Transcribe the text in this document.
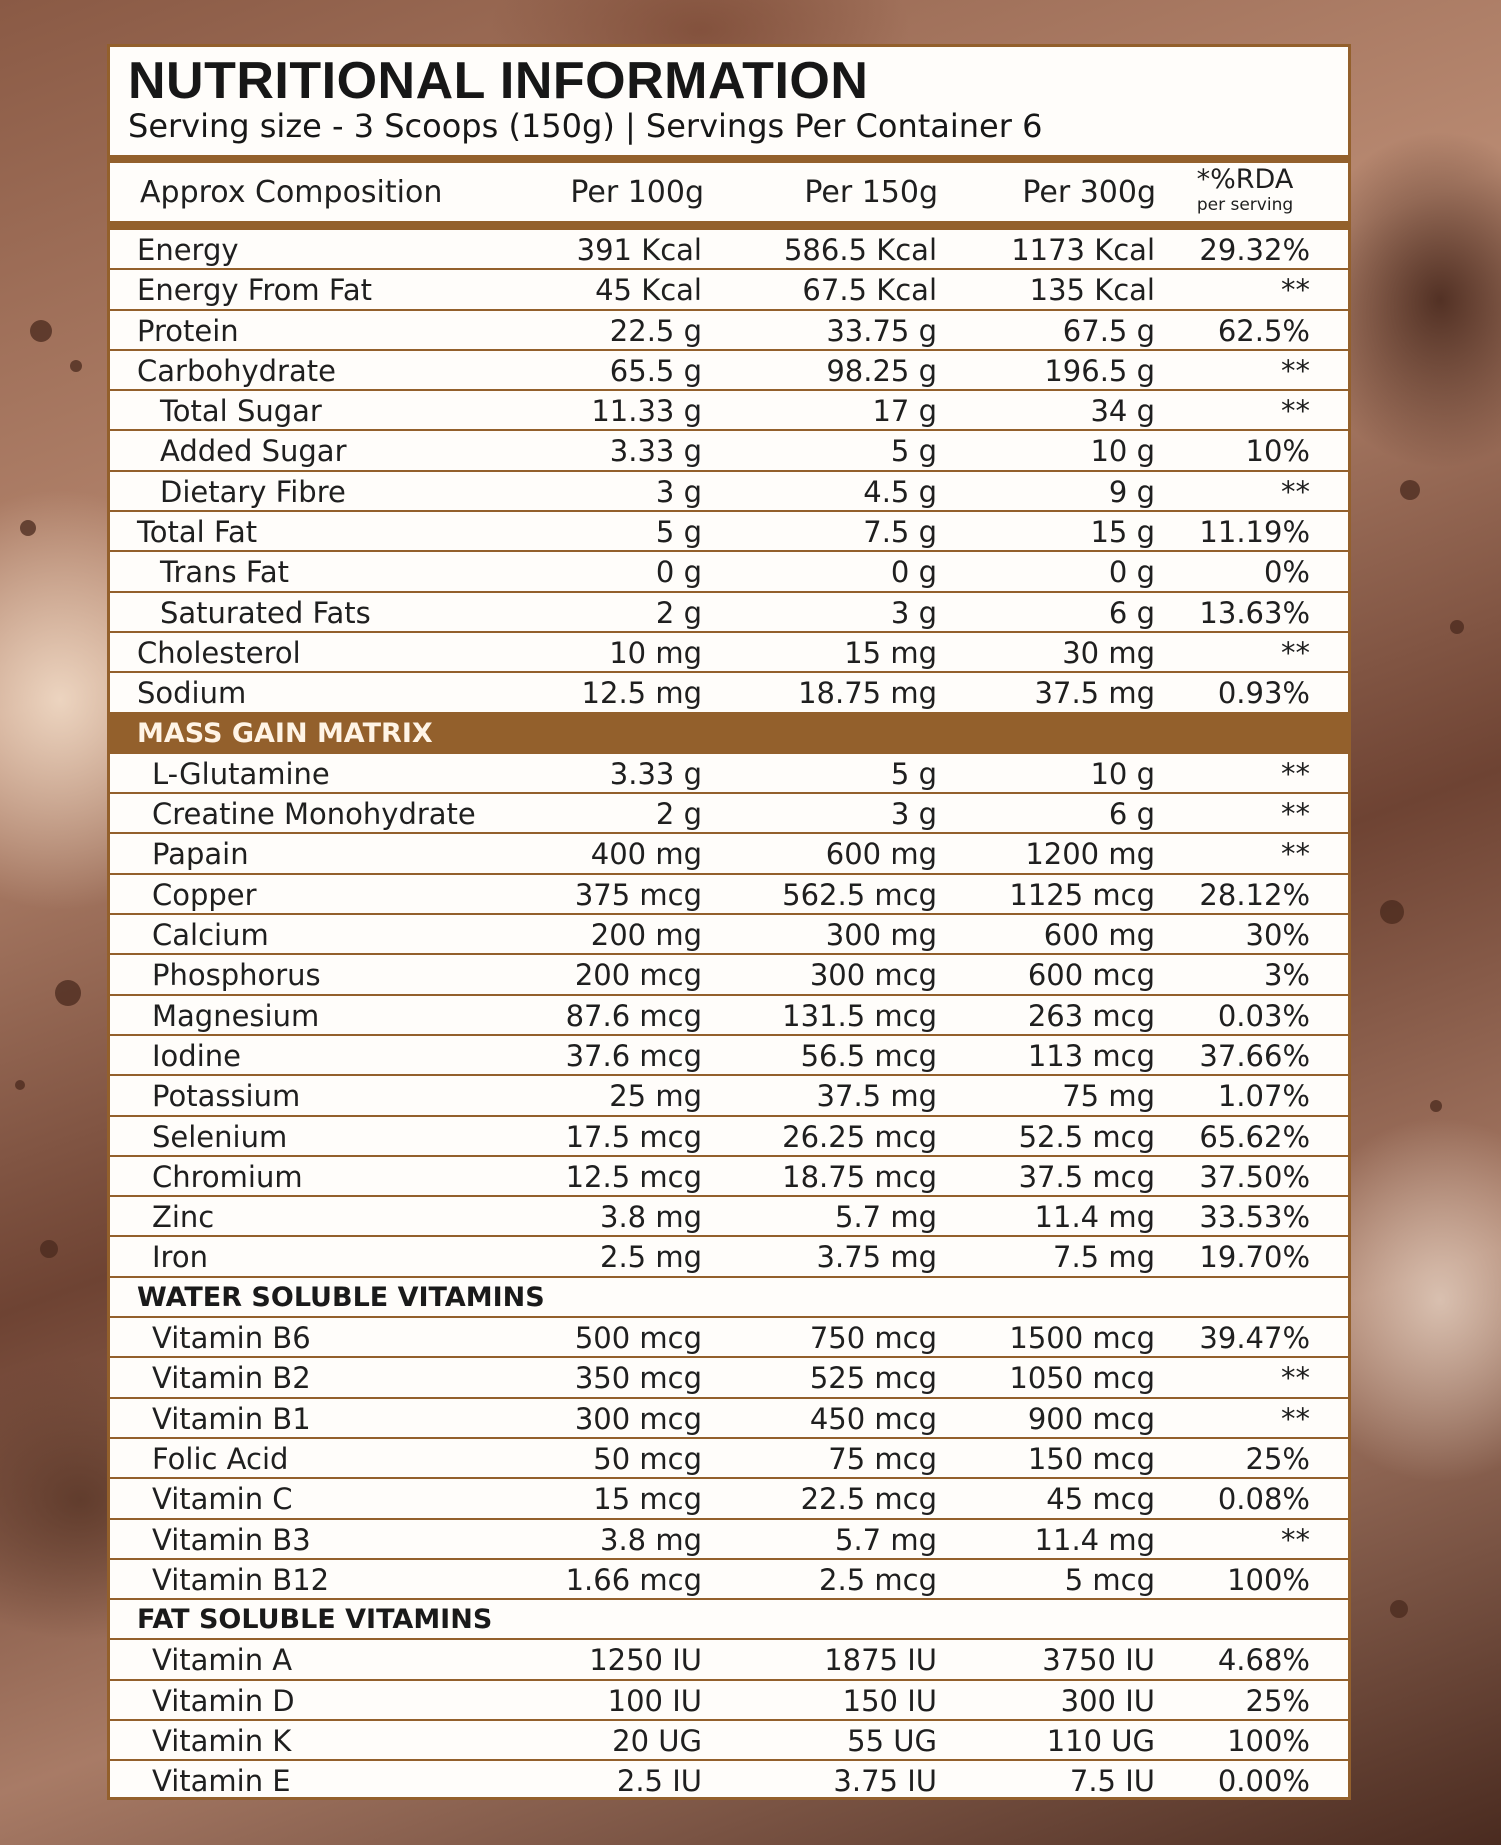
NUTRITIONAL INFORMATION

Serving size - 3 Scoops (150g) | Servings Per Container 6

Approx Composition	Per 100g	Per 150g	Per 300g	*%RDA
per serving
Energy	391 Kcal	586.5 Kcal	1173 Kcal 29.32%
Energy From Fat	45 Kcal	67.5 Kcal	135 Kcal	**
Protein	22.5 g	33.75 g	67.5 g 62.5%
Carbohydrate	65.5 g	98.25 g	196.5 g	**
Total Sugar	11.33 g	17 g	34 g	**
Added Sugar	3.33 g	5 g	10 g	10%
Dietary Fibre	3 g	4.5 g	9 g	**
Total Fat	5 g	7.5 g	15 g 11.19%
Trans Fat	0 g	0 g	0 g	0%
Saturated Fats	2 g	3 g	6 g 13.63%
Cholesterol	10 mg	15 mg	30 mg	**
Sodium	12.5 mg	18.75 mg	37.5 mg 0.93%
MASS GAIN MATRIX
L-Glutamine	3.33 g	5 g	10 g	**
Creatine Monohydrate	2 g	3 g	6 g	**
Papain	400 mg	600 mg	1200 mg	**
Copper	375 mcg	562.5 mcg 1125 mcg 28.12%
Calcium	200 mg	300 mg	600 mg	30%
Phosphorus	200 mcg	300 mcg	600 mcg	3%
Magnesium	87.6 mcg	131.5 mcg	263 mcg 0.03%
Iodine	37.6 mcg	56.5 mcg	113 mcg 37.66%
Potassium	25 mg	37.5 mg	75 mg 1.07%
Selenium	17.5 mcg	26.25 mcg	52.5 mcg 65.62%
Chromium	12.5 mcg	18.75 mcg	37.5 mcg 37.50%
Zinc	3.8 mg	5.7 mg	11.4 mg 33.53%
Iron	2.5 mg	3.75 mg	7.5 mg 19.70%
WATER SOLUBLE VITAMINS
Vitamin B6	500 mcg	750 mcg 1500 mcg 39.47%
Vitamin B2	350 mcg	525 mcg 1050 mcg	**
Vitamin B1	300 mcg	450 mcg	900 mcg	**
Folic Acid	50 mcg	75 mcg	150 mcg	25%
Vitamin C	15 mcg	22.5 mcg	45 mcg 0.08%
Vitamin B3	3.8 mg	5.7 mg	11.4 mg	**
Vitamin B12	1.66 mcg	2.5 mcg	5 mcg 100%
FAT SOLUBLE VITAMINS
Vitamin A	1250 IU	1875 IU	3750 IU 4.68%
Vitamin D	100 IU	150 IU	300 IU	25%
Vitamin K	20 UG	55 UG	110 UG 100%
Vitamin E	2.5 IU	3.75 IU	7.5 IU 0.00%
